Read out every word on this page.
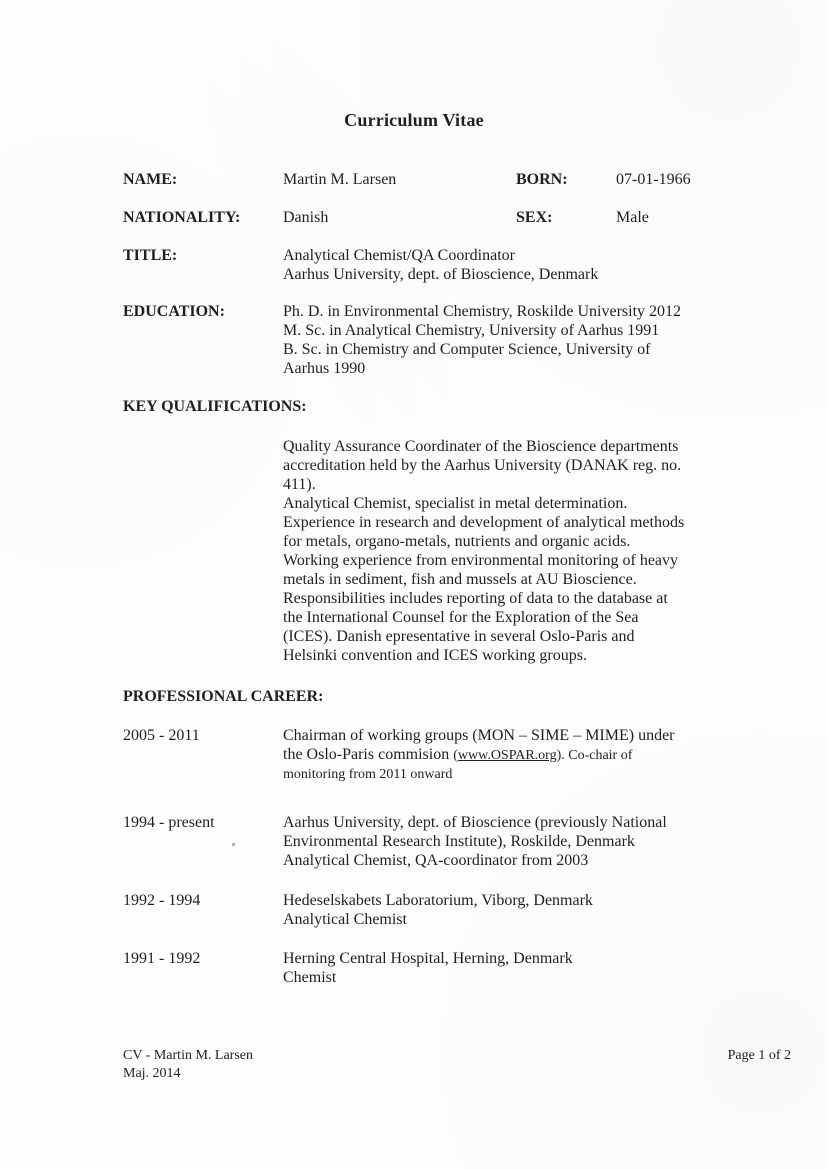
Curriculum Vitae
NAME:	Martin M. Larsen	BORN:	07-01-1966
NATIONALITY:	Danish	SEX:	Male
TITLE:	Analytical Chemist/QA Coordinator
Aarhus University, dept. of Bioscience, Denmark
EDUCATION:	Ph. D. in Environmental Chemistry, Roskilde University 2012
M. Sc. in Analytical Chemistry, University of Aarhus 1991
B. Sc. in Chemistry and Computer Science, University of
Aarhus 1990
KEY QUALIFICATIONS:
Quality Assurance Coordinater of the Bioscience departments
accreditation held by the Aarhus University (DANAK reg. no.
411).
Analytical Chemist, specialist in metal determination.
Experience in research and development of analytical methods
for metals, organo-metals, nutrients and organic acids.
Working experience from environmental monitoring of heavy
metals in sediment, fish and mussels at AU Bioscience.
Responsibilities includes reporting of data to the database at
the International Counsel for the Exploration of the Sea
(ICES). Danish epresentative in several Oslo-Paris and
Helsinki convention and ICES working groups.
PROFESSIONAL CAREER:
2005 - 2011	Chairman of working groups (MON – SIME – MIME) under
the Oslo-Paris commision (www.OSPAR.org). Co-chair of
monitoring from 2011 onward
1994 - present	Aarhus University, dept. of Bioscience (previously National
Environmental Research Institute), Roskilde, Denmark
Analytical Chemist, QA-coordinator from 2003
1992 - 1994	Hedeselskabets Laboratorium, Viborg, Denmark
Analytical Chemist
1991 - 1992	Herning Central Hospital, Herning, Denmark
Chemist
CV - Martin M. Larsen
Maj. 2014
Page 1 of 2
